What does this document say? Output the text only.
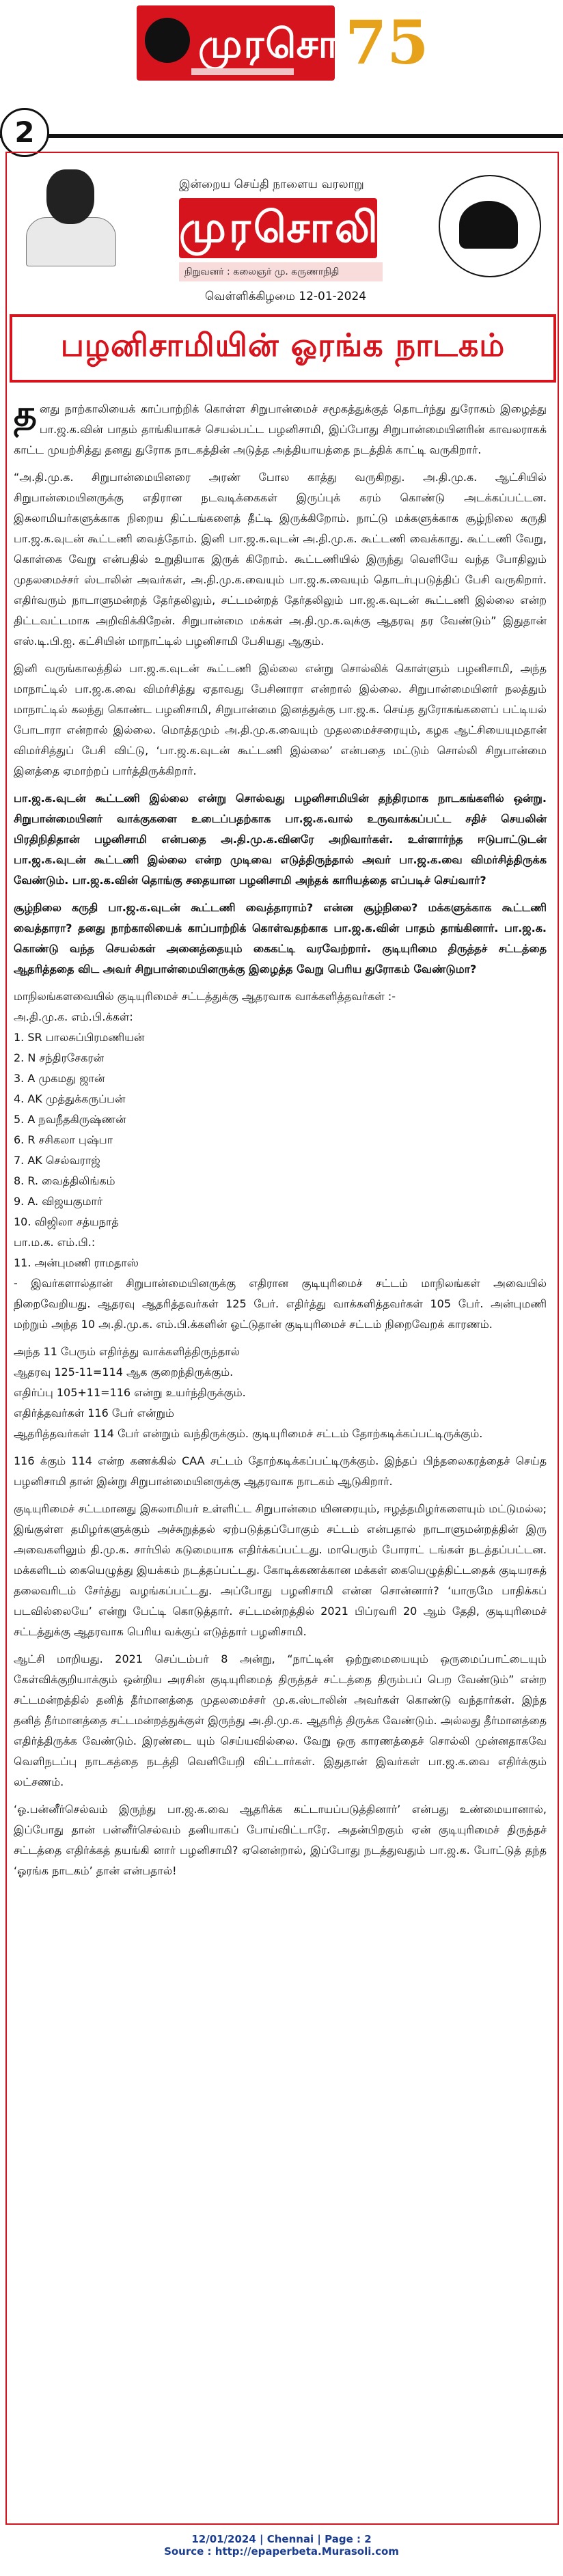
முரசொலி
75
2
இன்றைய செய்தி நாளைய வரலாறு
முரசொலி
நிறுவனர் : கலைஞர் மு. கருணாநிதி
வெள்ளிக்கிழமை 12-01-2024
பழனிசாமியின் ஓரங்க நாடகம்

தனது நாற்காலியைக் காப்பாற்றிக் கொள்ள சிறுபான்மைச் சமூகத்துக்குத் தொடர்ந்து துரோகம் இழைத்து பா.ஜ.க.வின் பாதம் தாங்கியாகச் செயல்பட்ட பழனிசாமி, இப்போது சிறுபான்மையினரின் காவலராகக் காட்ட முயற்சித்து தனது துரோக நாடகத்தின் அடுத்த அத்தியாயத்தை நடத்திக் காட்டி வருகிறார்.

“அ.தி.மு.க. சிறுபான்மையினரை அரண் போல காத்து வருகிறது. அ.தி.மு.க. ஆட்சியில் சிறுபான்மையினருக்கு எதிரான நடவடிக்கைகள் இருப்புக் கரம் கொண்டு அடக்கப்பட்டன. இசுலாமியர்களுக்காக நிறைய திட்டங்களைத் தீட்டி இருக்கிறோம். நாட்டு மக்களுக்காக சூழ்நிலை கருதி பா.ஜ.க.வுடன் கூட்டணி வைத்தோம். இனி பா.ஜ.க.வுடன் அ.தி.மு.க. கூட்டணி வைக்காது. கூட்டணி வேறு, கொள்கை வேறு என்பதில் உறுதியாக இருக் கிறோம். கூட்டணியில் இருந்து வெளியே வந்த போதிலும் முதலமைச்சர் ஸ்டாலின் அவர்கள், அ.தி.மு.க.வையும் பா.ஜ.க.வையும் தொடர்புபடுத்திப் பேசி வருகிறார். எதிர்வரும் நாடாளுமன்றத் தேர்தலிலும், சட்டமன்றத் தேர்தலிலும் பா.ஜ.க.வுடன் கூட்டணி இல்லை என்ற திட்டவட்டமாக அறிவிக்கிறேன். சிறுபான்மை மக்கள் அ.தி.மு.க.வுக்கு ஆதரவு தர வேண்டும்” இதுதான் எஸ்.டி.பி.ஐ. கட்சியின் மாநாட்டில் பழனிசாமி பேசியது ஆகும்.

இனி வருங்காலத்தில் பா.ஜ.க.வுடன் கூட்டணி இல்லை என்று சொல்லிக் கொள்ளும் பழனிசாமி, அந்த மாநாட்டில் பா.ஜ.க.வை விமர்சித்து ஏதாவது பேசினாரா என்றால் இல்லை. சிறுபான்மையினர் நலத்தும் மாநாட்டில் கலந்து கொண்ட பழனிசாமி, சிறுபான்மை இனத்துக்கு பா.ஜ.க. செய்த துரோகங்களைப் பட்டியல் போடாரா என்றால் இல்லை. மொத்தமும் அ.தி.மு.க.வையும் முதலமைச்சரையும், கழக ஆட்சியையுமதான் விமர்சித்துப் பேசி விட்டு, ‘பா.ஜ.க.வுடன் கூட்டணி இல்லை’ என்பதை மட்டும் சொல்லி சிறுபான்மை இனத்தை ஏமாற்றப் பார்த்திருக்கிறார்.

பா.ஜ.க.வுடன் கூட்டணி இல்லை என்று சொல்வது பழனிசாமியின் தந்திரமாக நாடகங்களில் ஒன்று. சிறுபான்மையினர் வாக்குகளை உடைப்பதற்காக பா.ஜ.க.வால் உருவாக்கப்பட்ட சதிச் செயலின் பிரதிநிதிதான் பழனிசாமி என்பதை அ.தி.மு.க.வினரே அறிவார்கள். உள்ளார்ந்த ஈடுபாட்டுடன் பா.ஜ.க.வுடன் கூட்டணி இல்லை என்ற முடிவை எடுத்திருந்தால் அவர் பா.ஜ.க.வை விமர்சித்திருக்க வேண்டும். பா.ஜ.க.வின் தொங்கு சதையான பழனிசாமி அந்தக் காரியத்தை எப்படிச் செய்வார்?

சூழ்நிலை கருதி பா.ஜ.க.வுடன் கூட்டணி வைத்தாராம்? என்ன சூழ்நிலை? மக்களுக்காக கூட்டணி வைத்தாரா? தனது நாற்காலியைக் காப்பாற்றிக் கொள்வதற்காக பா.ஜ.க.வின் பாதம் தாங்கினார். பா.ஜ.க. கொண்டு வந்த செயல்கள் அனைத்தையும் கைகட்டி வரவேற்றார். குடியுரிமை திருத்தச் சட்டத்தை ஆதரித்ததை விட அவர் சிறுபான்மையினருக்கு இழைத்த வேறு பெரிய துரோகம் வேண்டுமா?

மாநிலங்களவையில் குடியுரிமைச் சட்டத்துக்கு ஆதரவாக வாக்களித்தவர்கள் :-

அ.தி.மு.க. எம்.பி.க்கள்:

1. SR பாலசுப்பிரமணியன்

2. N சந்திரசேகரன்

3. A முகமது ஜான்

4. AK முத்துக்கருப்பன்

5. A நவநீதகிருஷ்ணன்

6. R சசிகலா புஷ்பா

7. AK செல்வராஜ்

8. R. வைத்திலிங்கம்

9. A. விஜயகுமார்

10. விஜிலா சத்யநாத்

பா.ம.க. எம்.பி.:

11. அன்புமணி ராமதாஸ்

- இவர்களால்தான் சிறுபான்மையினருக்கு எதிரான குடியுரிமைச் சட்டம் மாநிலங்கள் அவையில் நிறைவேறியது. ஆதரவு ஆதரித்தவர்கள் 125 பேர். எதிர்த்து வாக்களித்தவர்கள் 105 பேர். அன்புமணி மற்றும் அந்த 10 அ.தி.மு.க. எம்.பி.க்களின் ஓட்டுதான் குடியுரிமைச் சட்டம் நிறைவேறக் காரணம்.

அந்த 11 பேரும் எதிர்த்து வாக்களித்திருந்தால்

ஆதரவு 125-11=114 ஆக குறைந்திருக்கும்.

எதிர்ப்பு 105+11=116 என்று உயர்ந்திருக்கும்.

எதிர்த்தவர்கள் 116 பேர் என்றும்

ஆதரித்தவர்கள் 114 பேர் என்றும் வந்திருக்கும். குடியுரிமைச் சட்டம் தோற்கடிக்கப்பட்டிருக்கும்.

116 க்கும் 114 என்ற கணக்கில் CAA சட்டம் தோற்கடிக்கப்பட்டிருக்கும். இந்தப் பிந்தலைகரத்தைச் செய்த பழனிசாமி தான் இன்று சிறுபான்மையினருக்கு ஆதரவாக நாடகம் ஆடுகிறார்.

குடியுரிமைச் சட்டமானது இசுலாமியர் உள்ளிட்ட சிறுபான்மை யினரையும், ஈழத்தமிழர்களையும் மட்டுமல்ல; இங்குள்ள தமிழர்களுக்கும் அச்சுறுத்தல் ஏற்படுத்தப்போகும் சட்டம் என்பதால் நாடாளுமன்றத்தின் இரு அவைகளிலும் தி.மு.க. சார்பில் கடுமையாக எதிர்க்கப்பட்டது. மாபெரும் போராட் டங்கள் நடத்தப்பட்டன. மக்களிடம் கையெழுத்து இயக்கம் நடத்தப்பட்டது. கோடிக்கணக்கான மக்கள் கையெழுத்திட்டதைக் குடியரசுத் தலைவரிடம் சேர்த்து வழங்கப்பட்டது. அப்போது பழனிசாமி என்ன சொன்னார்? ‘யாருமே பாதிக்கப் படவில்லையே’ என்று பேட்டி கொடுத்தார். சட்டமன்றத்தில் 2021 பிப்ரவரி 20 ஆம் தேதி, குடியுரிமைச் சட்டத்துக்கு ஆதரவாக பெரிய வக்குப் எடுத்தார் பழனிசாமி.

ஆட்சி மாறியது. 2021 செப்டம்பர் 8 அன்று, “நாட்டின் ஒற்றுமையையும் ஒருமைப்பாட்டையும் கேள்விக்குறியாக்கும் ஒன்றிய அரசின் குடியுரிமைத் திருத்தச் சட்டத்தை திரும்பப் பெற வேண்டும்” என்ற சட்டமன்றத்தில் தனித் தீர்மானத்தை முதலமைச்சர் மு.க.ஸ்டாலின் அவர்கள் கொண்டு வந்தார்கள். இந்த தனித் தீர்மானத்தை சட்டமன்றத்துக்குள் இருந்து அ.தி.மு.க. ஆதரித் திருக்க வேண்டும். அல்லது தீர்மானத்தை எதிர்த்திருக்க வேண்டும். இரண்டை யும் செய்யவில்லை. வேறு ஒரு காரணத்தைச் சொல்லி முன்னதாகவே வெளிநடப்பு நாடகத்தை நடத்தி வெளியேறி விட்டார்கள். இதுதான் இவர்கள் பா.ஜ.க.வை எதிர்க்கும் லட்சணம்.

‘ஓ.பன்னீர்செல்வம் இருந்து பா.ஜ.க.வை ஆதரிக்க கட்டாயப்படுத்தினார்’ என்பது உண்மையானால், இப்போது தான் பன்னீர்செல்வம் தனியாகப் போய்விட்டாரே. அதன்பிறகும் ஏன் குடியுரிமைச் திருத்தச் சட்டத்தை எதிர்க்கத் தயங்கி னார் பழனிசாமி? ஏனென்றால், இப்போது நடத்துவதும் பா.ஜ.க. போட்டுத் தந்த ‘ஓரங்க நாடகம்’ தான் என்பதால்!

12/01/2024 | Chennai | Page : 2
Source : http://epaperbeta.Murasoli.com
